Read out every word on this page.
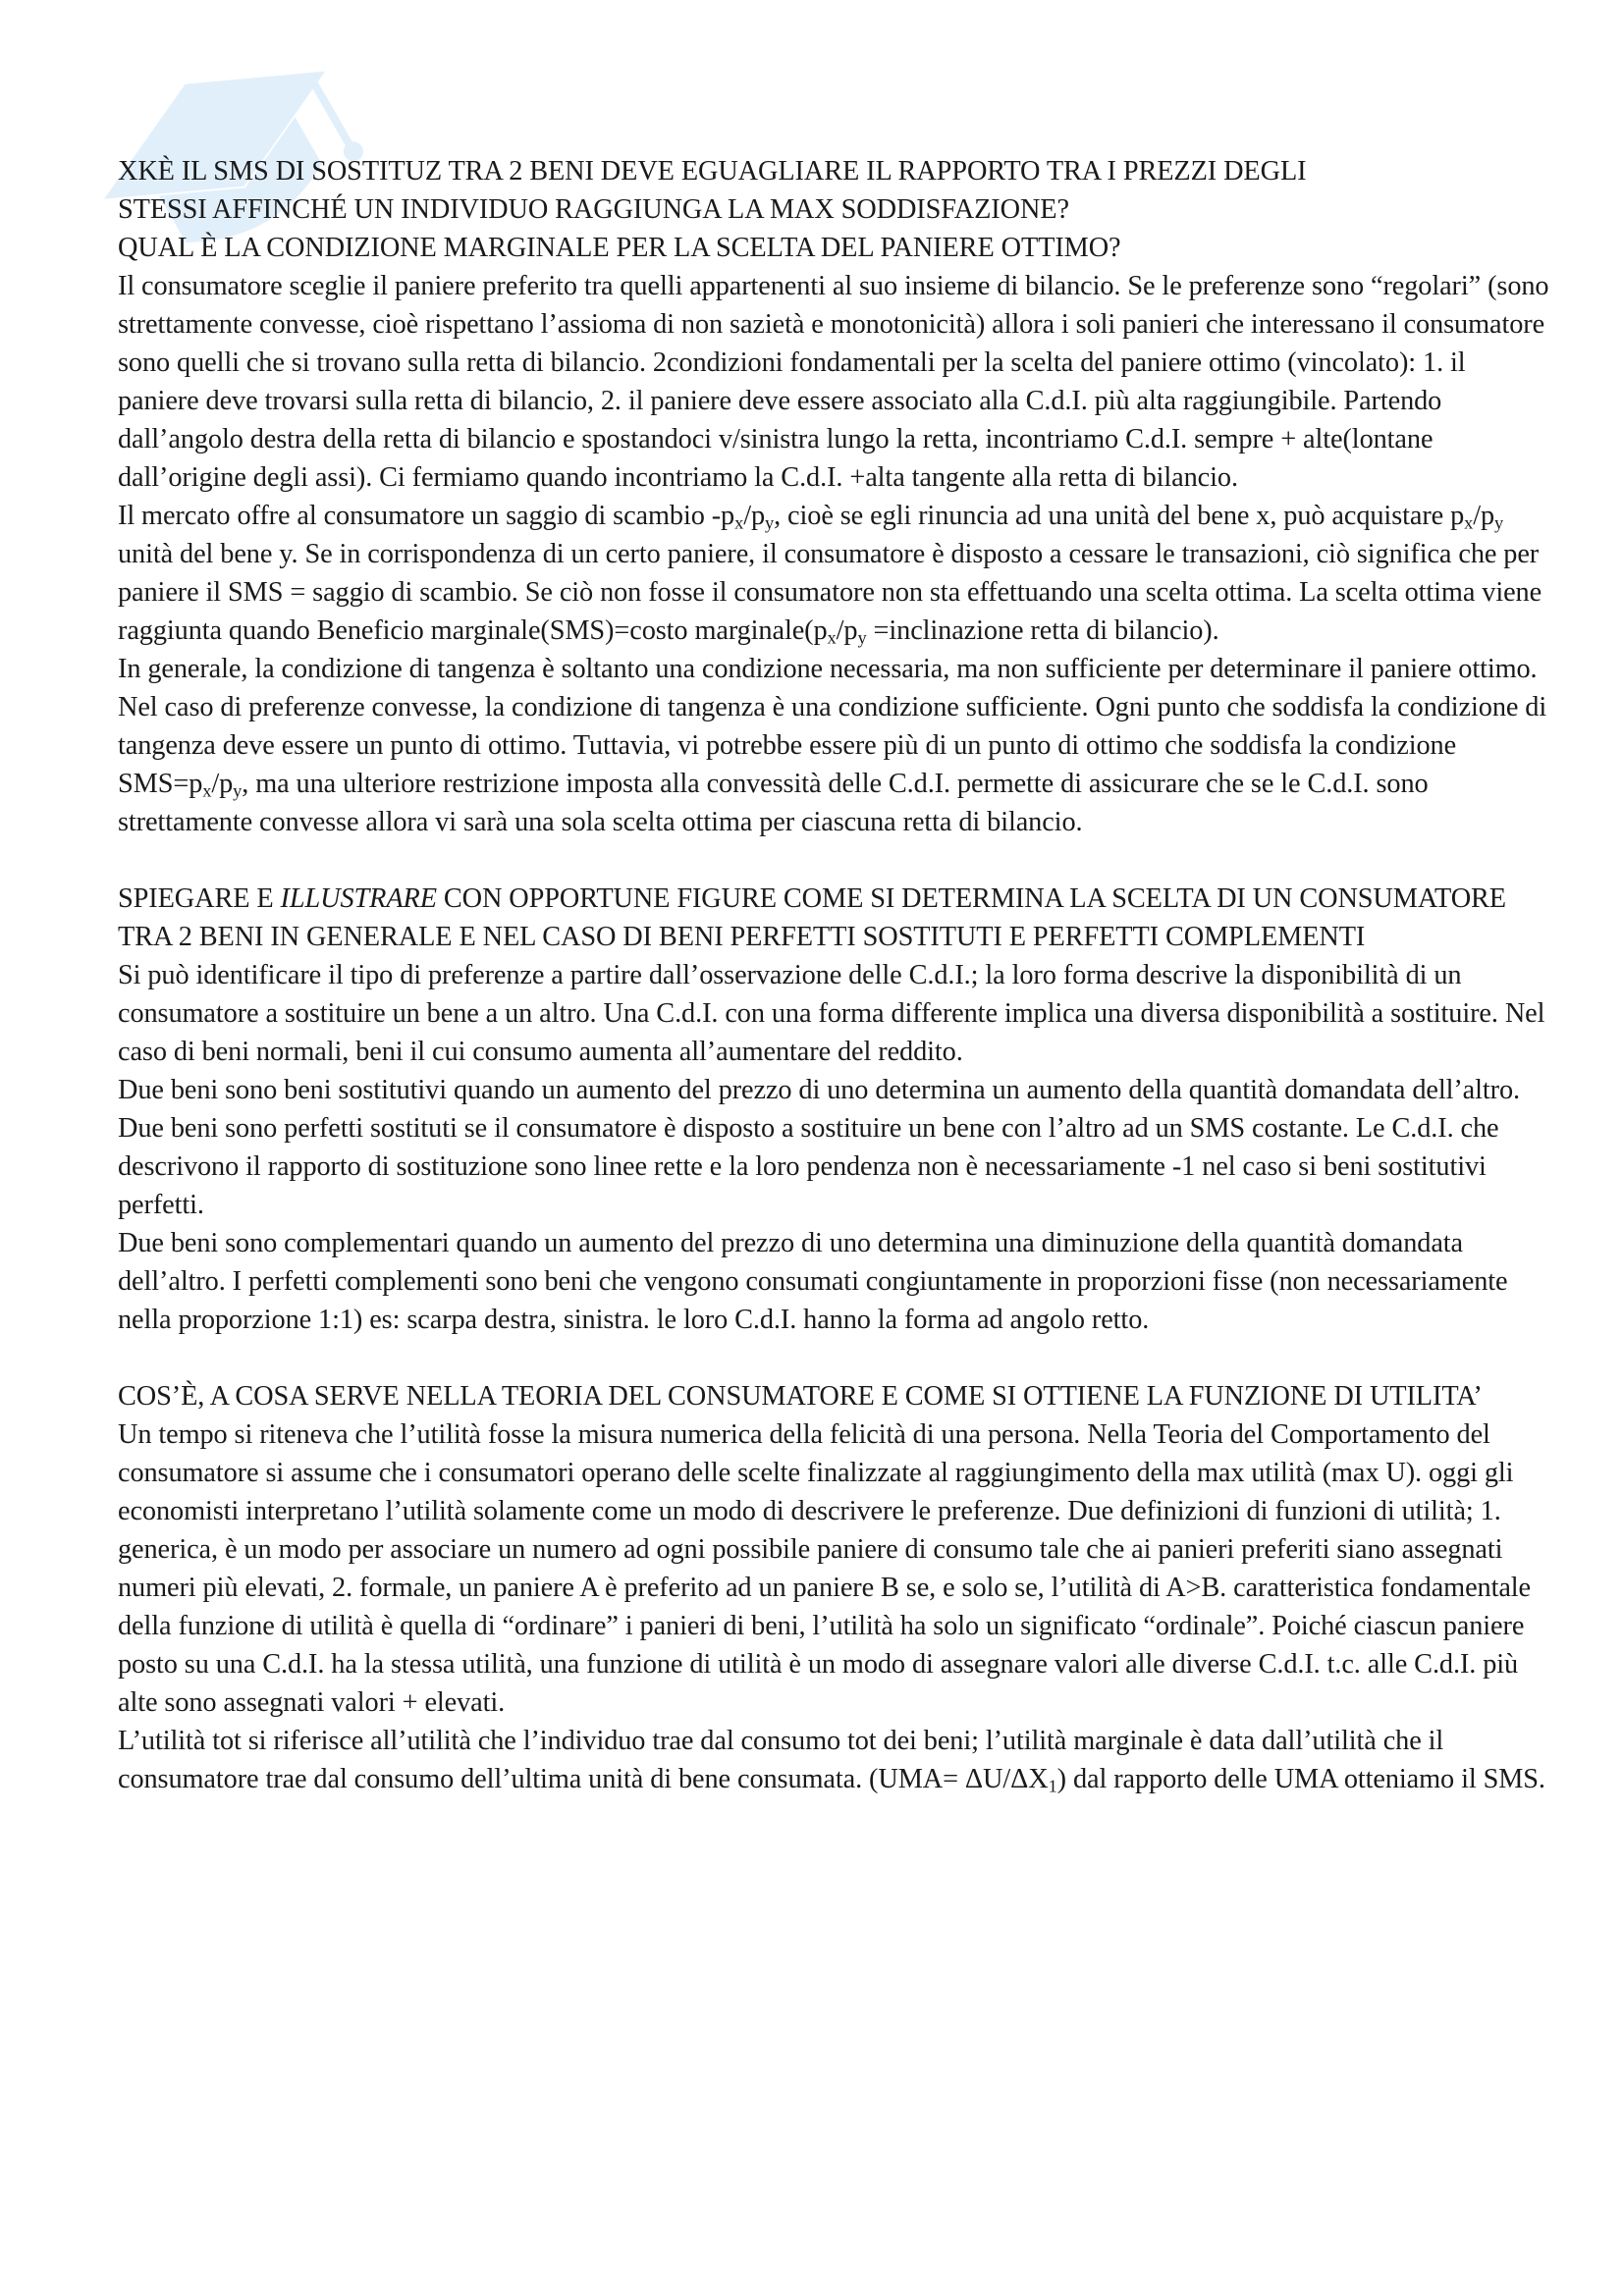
XKÈ IL SMS DI SOSTITUZ TRA 2 BENI DEVE EGUAGLIARE IL RAPPORTO TRA I PREZZI DEGLI
STESSI AFFINCHÉ UN INDIVIDUO RAGGIUNGA LA MAX SODDISFAZIONE?
QUAL È LA CONDIZIONE MARGINALE PER LA SCELTA DEL PANIERE OTTIMO?

Il consumatore sceglie il paniere preferito tra quelli appartenenti al suo insieme di bilancio. Se le preferenze sono “regolari” (sono strettamente convesse, cioè rispettano l’assioma di non sazietà e monotonicità) allora i soli panieri che interessano il consumatore sono quelli che si trovano sulla retta di bilancio. 2condizioni fondamentali per la scelta del paniere ottimo (vincolato): 1. il paniere deve trovarsi sulla retta di bilancio, 2. il paniere deve essere associato alla C.d.I. più alta raggiungibile. Partendo dall’angolo destra della retta di bilancio e spostandoci v/sinistra lungo la retta, incontriamo C.d.I. sempre + alte(lontane dall’origine degli assi). Ci fermiamo quando incontriamo la C.d.I. +alta tangente alla retta di bilancio.

Il mercato offre al consumatore un saggio di scambio $-p_x/p_y$, cioè se egli rinuncia ad una unità del bene x, può acquistare $p_x/p_y$ unità del bene y. Se in corrispondenza di un certo paniere, il consumatore è disposto a cessare le transazioni, ciò significa che per paniere il SMS = saggio di scambio. Se ciò non fosse il consumatore non sta effettuando una scelta ottima. La scelta ottima viene raggiunta quando Beneficio marginale(SMS)=costo $marginale(p_x/p_y$ =inclinazione retta di bilancio).

In generale, la condizione di tangenza è soltanto una condizione necessaria, ma non sufficiente per determinare il paniere ottimo. Nel caso di preferenze convesse, la condizione di tangenza è una condizione sufficiente. Ogni punto che soddisfa la condizione di tangenza deve essere un punto di ottimo. Tuttavia, vi potrebbe essere più di un punto di ottimo che soddisfa la condizione $SMS=p_x/p_y$, ma una ulteriore restrizione imposta alla convessità delle C.d.I. permette di assicurare che se le C.d.I. sono strettamente convesse allora vi sarà una sola scelta ottima per ciascuna retta di bilancio.

SPIEGARE E ILLUSTRARE CON OPPORTUNE FIGURE COME SI DETERMINA LA SCELTA DI UN CONSUMATORE TRA 2 BENI IN GENERALE E NEL CASO DI BENI PERFETTI SOSTITUTI E PERFETTI COMPLEMENTI

Si può identificare il tipo di preferenze a partire dall’osservazione delle C.d.I.; la loro forma descrive la disponibilità di un consumatore a sostituire un bene a un altro. Una C.d.I. con una forma differente implica una diversa disponibilità a sostituire. Nel caso di beni normali, beni il cui consumo aumenta all’aumentare del reddito.

Due beni sono beni sostitutivi quando un aumento del prezzo di uno determina un aumento della quantità domandata dell’altro. Due beni sono perfetti sostituti se il consumatore è disposto a sostituire un bene con l’altro ad un SMS costante. Le C.d.I. che descrivono il rapporto di sostituzione sono linee rette e la loro pendenza non è necessariamente -1 nel caso si beni sostitutivi perfetti.

Due beni sono complementari quando un aumento del prezzo di uno determina una diminuzione della quantità domandata dell’altro. I perfetti complementi sono beni che vengono consumati congiuntamente in proporzioni fisse (non necessariamente nella proporzione 1:1) es: scarpa destra, sinistra. le loro C.d.I. hanno la forma ad angolo retto.

COS’È, A COSA SERVE NELLA TEORIA DEL CONSUMATORE E COME SI OTTIENE LA FUNZIONE DI UTILITA’

Un tempo si riteneva che l’utilità fosse la misura numerica della felicità di una persona. Nella Teoria del Comportamento del consumatore si assume che i consumatori operano delle scelte finalizzate al raggiungimento della max utilità (max U). oggi gli economisti interpretano l’utilità solamente come un modo di descrivere le preferenze. Due definizioni di funzioni di utilità; 1. generica, è un modo per associare un numero ad ogni possibile paniere di consumo tale che ai panieri preferiti siano assegnati numeri più elevati, 2. formale, un paniere A è preferito ad un paniere B se, e solo se, l’utilità di A>B. caratteristica fondamentale della funzione di utilità è quella di “ordinare” i panieri di beni, l’utilità ha solo un significato “ordinale”. Poiché ciascun paniere posto su una C.d.I. ha la stessa utilità, una funzione di utilità è un modo di assegnare valori alle diverse C.d.I. t.c. alle C.d.I. più alte sono assegnati valori + elevati.

L’utilità tot si riferisce all’utilità che l’individuo trae dal consumo tot dei beni; l’utilità marginale è data dall’utilità che il consumatore trae dal consumo dell’ultima unità di bene consumata. $(UMA= \Delta U/\Delta X_1)$ dal rapporto delle UMA otteniamo il SMS.
